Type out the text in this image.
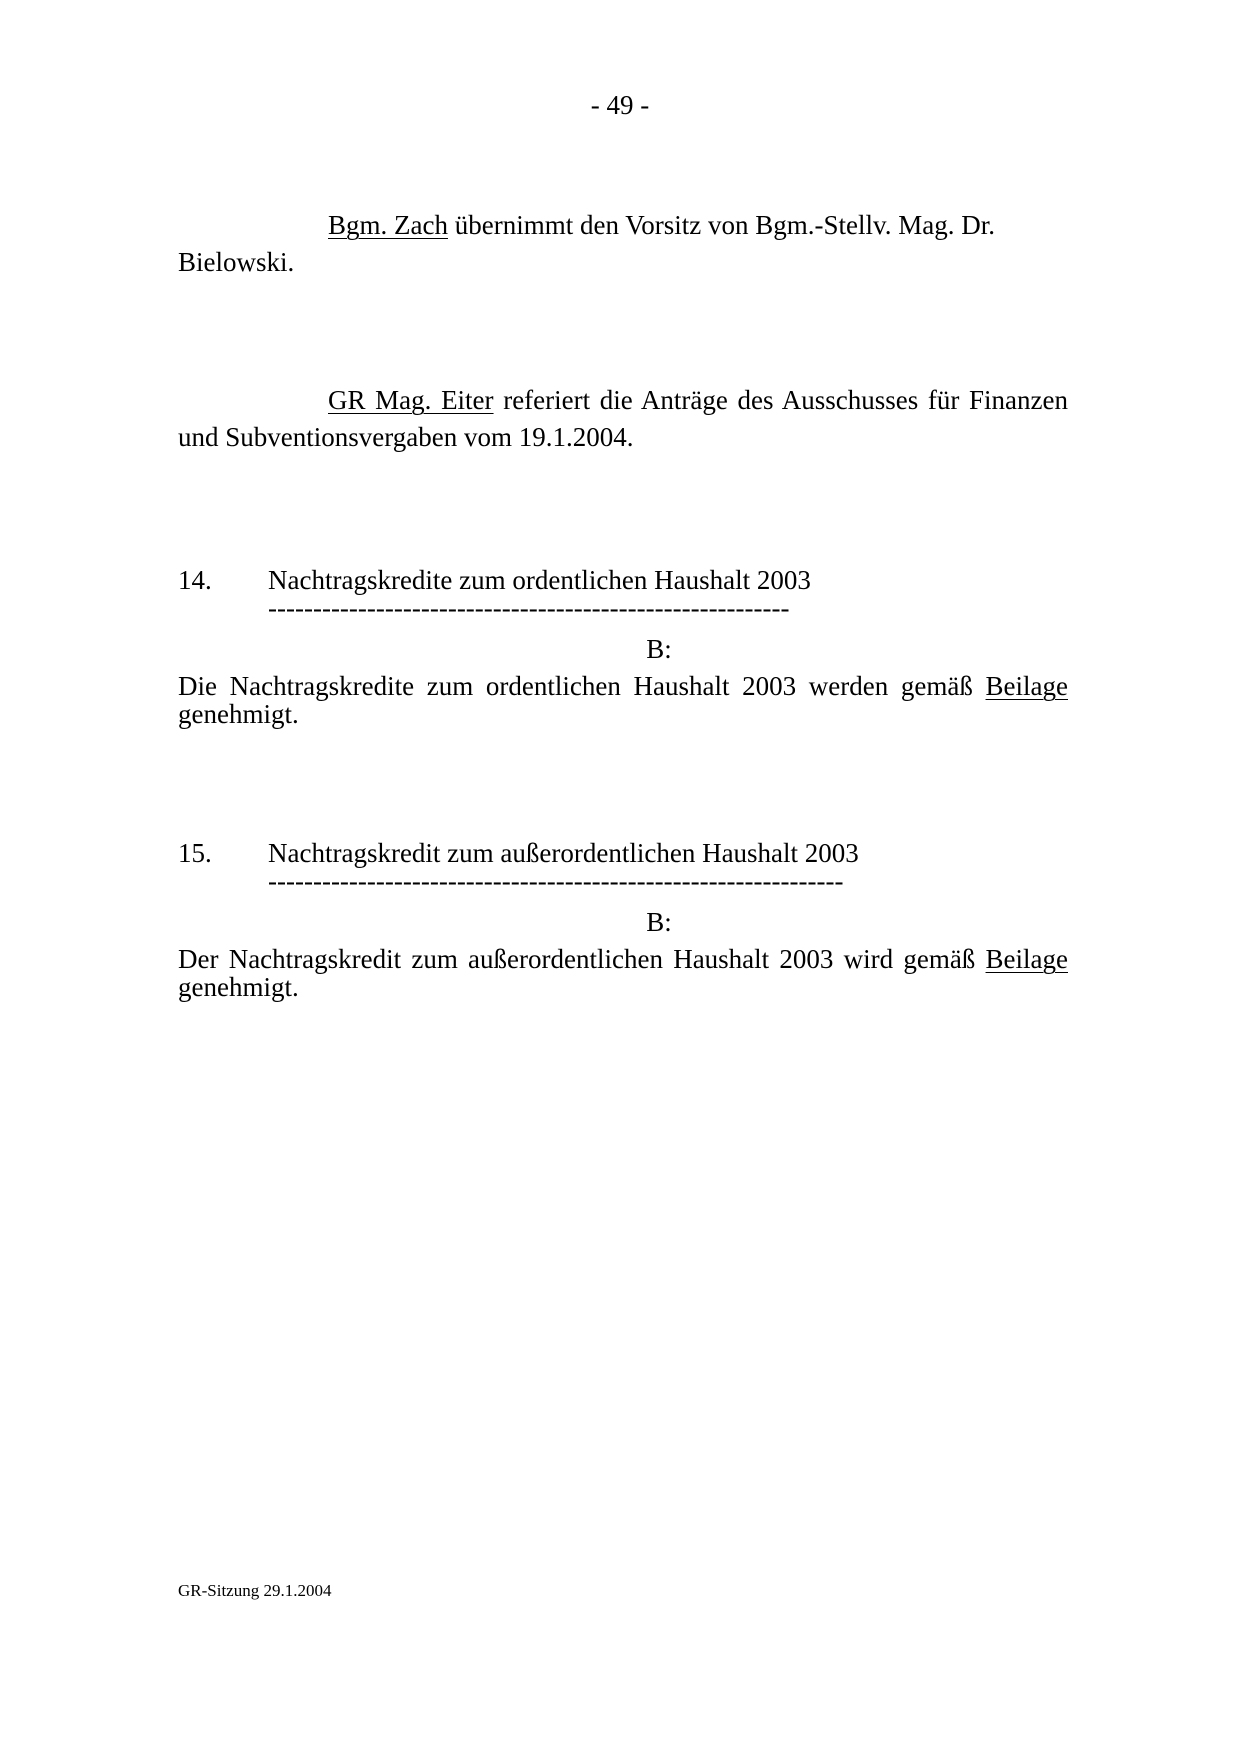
- 49 -
Bgm. Zach übernimmt den Vorsitz von Bgm.-Stellv. Mag. Dr. Bielowski.
GR Mag. Eiter referiert die Anträge des Ausschusses für Finanzen und Subventionsvergaben vom 19.1.2004.
14. Nachtragskredite zum ordentlichen Haushalt 2003
----------------------------------------------------------
B:
Die Nachtragskredite zum ordentlichen Haushalt 2003 werden gemäß Beilage genehmigt.
15. Nachtragskredit zum außerordentlichen Haushalt 2003
----------------------------------------------------------------
B:
Der Nachtragskredit zum außerordentlichen Haushalt 2003 wird gemäß Beilage genehmigt.
GR-Sitzung 29.1.2004
